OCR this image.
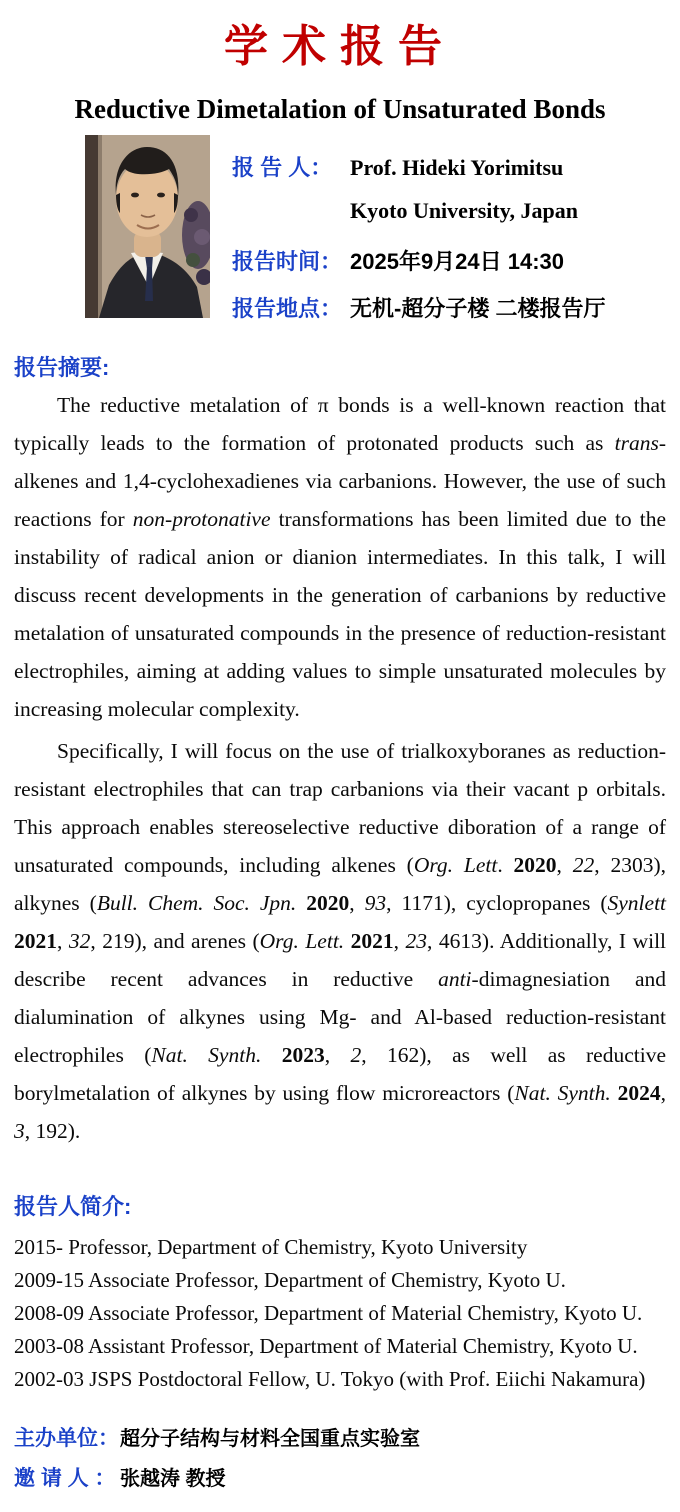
学术报告
Reductive Dimetalation of Unsaturated Bonds
报 告 人： Prof. Hideki Yorimitsu
Kyoto University, Japan
报告时间： 2025年9月24日 14:30
报告地点： 无机-超分子楼 二楼报告厅
报告摘要:

The reductive metalation of π bonds is a well-known reaction that typically leads to the formation of protonated products such as trans-alkenes and 1,4-cyclohexadienes via carbanions. However, the use of such reactions for non-protonative transformations has been limited due to the instability of radical anion or dianion intermediates. In this talk, I will discuss recent developments in the generation of carbanions by reductive metalation of unsaturated compounds in the presence of reduction-resistant electrophiles, aiming at adding values to simple unsaturated molecules by increasing molecular complexity.

Specifically, I will focus on the use of trialkoxyboranes as reduction-resistant electrophiles that can trap carbanions via their vacant p orbitals. This approach enables stereoselective reductive diboration of a range of unsaturated compounds, including alkenes (Org. Lett. 2020, 22, 2303), alkynes (Bull. Chem. Soc. Jpn. 2020, 93, 1171), cyclopropanes (Synlett 2021, 32, 219), and arenes (Org. Lett. 2021, 23, 4613). Additionally, I will describe recent advances in reductive anti-dimagnesiation and dialumination of alkynes using Mg- and Al-based reduction-resistant electrophiles (Nat. Synth. 2023, 2, 162), as well as reductive borylmetalation of alkynes by using flow microreactors (Nat. Synth. 2024, 3, 192).

报告人简介:

2015- Professor, Department of Chemistry, Kyoto University

2009-15 Associate Professor, Department of Chemistry, Kyoto U.

2008-09 Associate Professor, Department of Material Chemistry, Kyoto U.

2003-08 Assistant Professor, Department of Material Chemistry, Kyoto U.

2002-03 JSPS Postdoctoral Fellow, U. Tokyo (with Prof. Eiichi Nakamura)

主办单位： 超分子结构与材料全国重点实验室
邀 请 人 ： 张越涛 教授
